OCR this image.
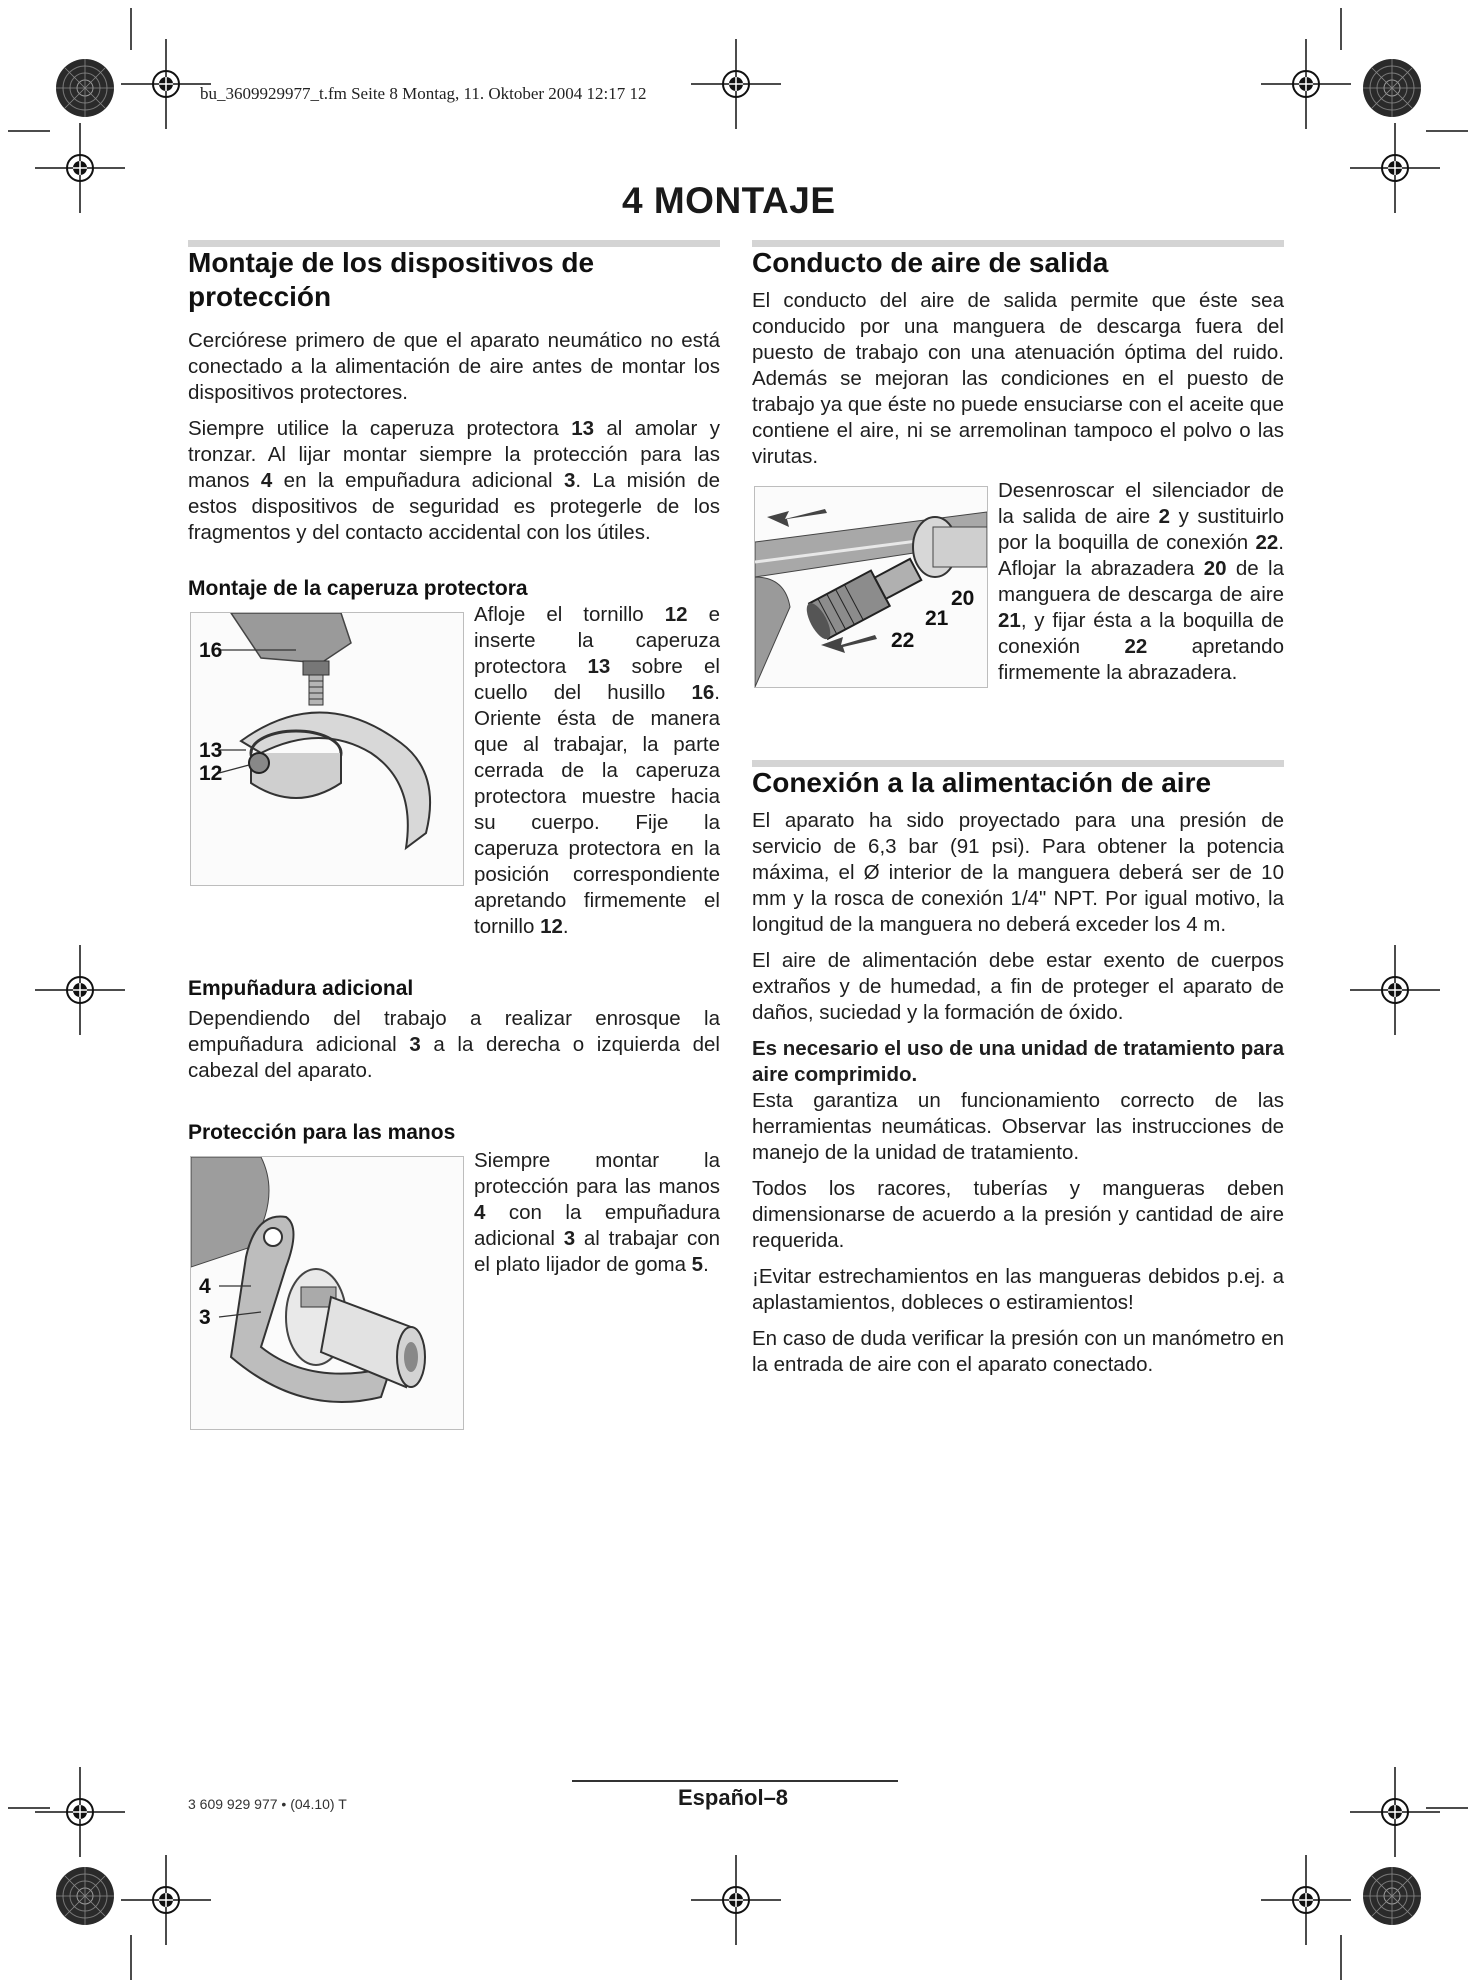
bu_3609929977_t.fm Seite 8 Montag, 11. Oktober 2004 12:17 12
4 MONTAJE
Montaje de los dispositivos de protección

Cerciórese primero de que el aparato neumático no está conectado a la alimentación de aire antes de montar los dispositivos protectores.

Siempre utilice la caperuza protectora 13 al amolar y tronzar. Al lijar montar siempre la protección para las manos 4 en la empuñadura adicional 3. La misión de estos dispositivos de seguridad es protegerle de los fragmentos y del contacto accidental con los útiles.

Montaje de la caperuza protectora
16
13
12

Afloje el tornillo 12 e inserte la caperuza protectora 13 sobre el cuello del husillo 16. Oriente ésta de manera que al trabajar, la parte cerrada de la caperuza protectora muestre hacia su cuerpo. Fije la caperuza protectora en la posición correspondiente apretando firmemente el tornillo 12.

Empuñadura adicional

Dependiendo del trabajo a realizar enrosque la empuñadura adicional 3 a la derecha o izquierda del cabezal del aparato.

Protección para las manos
4
3

Siempre montar la protección para las manos 4 con la empuñadura adicional 3 al trabajar con el plato lijador de goma 5.

Conducto de aire de salida

El conducto del aire de salida permite que éste sea conducido por una manguera de descarga fuera del puesto de trabajo con una atenuación óptima del ruido. Además se mejoran las condiciones en el puesto de trabajo ya que éste no puede ensuciarse con el aceite que contiene el aire, ni se arremolinan tampoco el polvo o las virutas.

20
21
22

Desenroscar el silenciador de la salida de aire 2 y sustituirlo por la boquilla de conexión 22. Aflojar la abrazadera 20 de la manguera de descarga de aire 21, y fijar ésta a la boquilla de conexión 22 apretando firmemente la abrazadera.

Conexión a la alimentación de aire

El aparato ha sido proyectado para una presión de servicio de 6,3 bar (91 psi). Para obtener la potencia máxima, el Ø interior de la manguera deberá ser de 10 mm y la rosca de conexión 1/4" NPT. Por igual motivo, la longitud de la manguera no deberá exceder los 4 m.

El aire de alimentación debe estar exento de cuerpos extraños y de humedad, a fin de proteger el aparato de daños, suciedad y la formación de óxido.

Es necesario el uso de una unidad de tratamiento para aire comprimido.

Esta garantiza un funcionamiento correcto de las herramientas neumáticas. Observar las instrucciones de manejo de la unidad de tratamiento.

Todos los racores, tuberías y mangueras deben dimensionarse de acuerdo a la presión y cantidad de aire requerida.

¡Evitar estrechamientos en las mangueras debidos p.ej. a aplastamientos, dobleces o estiramientos!

En caso de duda verificar la presión con un manómetro en la entrada de aire con el aparato conectado.

3 609 929 977 • (04.10) T	Español–8
